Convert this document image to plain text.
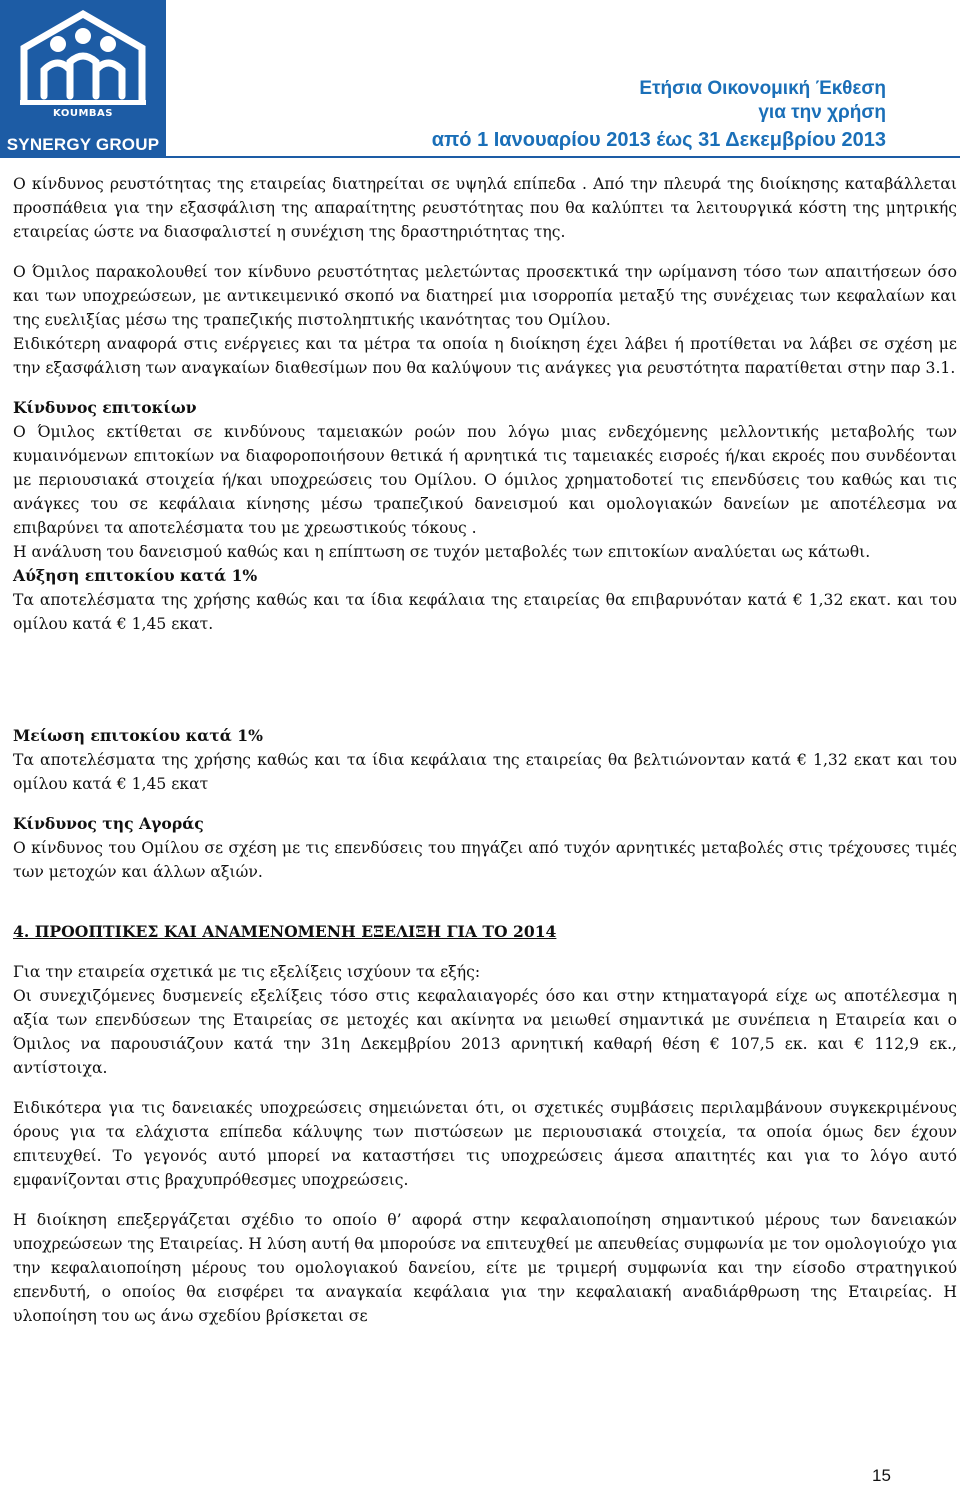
KOUMBAS
SYNERGY GROUP
Ετήσια Οικονομική Έκθεση
για την χρήση
από 1 Ιανουαρίου 2013 έως 31 Δεκεμβρίου 2013

Ο κίνδυνος ρευστότητας της εταιρείας διατηρείται σε υψηλά επίπεδα . Από την πλευρά της διοίκησης καταβάλλεται προσπάθεια για την εξασφάλιση της απαραίτητης ρευστότητας που θα καλύπτει τα λειτουργικά κόστη της μητρικής εταιρείας ώστε να διασφαλιστεί η συνέχιση της δραστηριότητας της.

Ο Όμιλος παρακολουθεί τον κίνδυνο ρευστότητας μελετώντας προσεκτικά την ωρίμανση τόσο των απαιτήσεων όσο και των υποχρεώσεων, με αντικειμενικό σκοπό να διατηρεί μια ισορροπία μεταξύ της συνέχειας των κεφαλαίων και της ευελιξίας μέσω της τραπεζικής πιστοληπτικής ικανότητας του Ομίλου.

Ειδικότερη αναφορά στις ενέργειες και τα μέτρα τα οποία η διοίκηση έχει λάβει ή προτίθεται να λάβει σε σχέση με την εξασφάλιση των αναγκαίων διαθεσίμων που θα καλύψουν τις ανάγκες για ρευστότητα παρατίθεται στην παρ 3.1.

Κίνδυνος επιτοκίων

Ο Όμιλος εκτίθεται σε κινδύνους ταμειακών ροών που λόγω μιας ενδεχόμενης μελλοντικής μεταβολής των κυμαινόμενων επιτοκίων να διαφοροποιήσουν θετικά ή αρνητικά τις ταμειακές εισροές ή/και εκροές που συνδέονται με περιουσιακά στοιχεία ή/και υποχρεώσεις του Ομίλου. Ο όμιλος χρηματοδοτεί τις επενδύσεις του καθώς και τις ανάγκες του σε κεφάλαια κίνησης μέσω τραπεζικού δανεισμού και ομολογιακών δανείων με αποτέλεσμα να επιβαρύνει τα αποτελέσματα του με χρεωστικούς τόκους .

Η ανάλυση του δανεισμού καθώς και η επίπτωση σε τυχόν μεταβολές των επιτοκίων αναλύεται ως κάτωθι.

Αύξηση επιτοκίου κατά 1%

Τα αποτελέσματα της χρήσης καθώς και τα ίδια κεφάλαια της εταιρείας θα επιβαρυνόταν κατά € 1,32 εκατ. και του ομίλου κατά € 1,45 εκατ.

Μείωση επιτοκίου κατά 1%

Τα αποτελέσματα της χρήσης καθώς και τα ίδια κεφάλαια της εταιρείας θα βελτιώνονταν κατά € 1,32 εκατ και του ομίλου κατά € 1,45 εκατ

Κίνδυνος της Αγοράς

Ο κίνδυνος του Ομίλου σε σχέση με τις επενδύσεις του πηγάζει από τυχόν αρνητικές μεταβολές στις τρέχουσες τιμές των μετοχών και άλλων αξιών.

4. ΠΡΟΟΠΤΙΚΕΣ ΚΑΙ ΑΝΑΜΕΝΟΜΕΝΗ ΕΞΕΛΙΞΗ ΓΙΑ ΤΟ 2014

Για την εταιρεία σχετικά με τις εξελίξεις ισχύουν τα εξής:

Οι συνεχιζόμενες δυσμενείς εξελίξεις τόσο στις κεφαλαιαγορές όσο και στην κτηματαγορά είχε ως αποτέλεσμα η αξία των επενδύσεων της Εταιρείας σε μετοχές και ακίνητα να μειωθεί σημαντικά με συνέπεια η Εταιρεία και ο Όμιλος να παρουσιάζουν κατά την 31η Δεκεμβρίου 2013 αρνητική καθαρή θέση € 107,5 εκ. και € 112,9 εκ., αντίστοιχα.

Ειδικότερα για τις δανειακές υποχρεώσεις σημειώνεται ότι, οι σχετικές συμβάσεις περιλαμβάνουν συγκεκριμένους όρους για τα ελάχιστα επίπεδα κάλυψης των πιστώσεων με περιουσιακά στοιχεία, τα οποία όμως δεν έχουν επιτευχθεί. Το γεγονός αυτό μπορεί να καταστήσει τις υποχρεώσεις άμεσα απαιτητές και για το λόγο αυτό εμφανίζονται στις βραχυπρόθεσμες υποχρεώσεις.

Η διοίκηση επεξεργάζεται σχέδιο το οποίο θ’ αφορά στην κεφαλαιοποίηση σημαντικού μέρους των δανειακών υποχρεώσεων της Εταιρείας. Η λύση αυτή θα μπορούσε να επιτευχθεί με απευθείας συμφωνία με τον ομολογιούχο για την κεφαλαιοποίηση μέρους του ομολογιακού δανείου, είτε με τριμερή συμφωνία και την είσοδο στρατηγικού επενδυτή, ο οποίος θα εισφέρει τα αναγκαία κεφάλαια για την κεφαλαιακή αναδιάρθρωση της Εταιρείας. Η υλοποίηση του ως άνω σχεδίου βρίσκεται σε

15
